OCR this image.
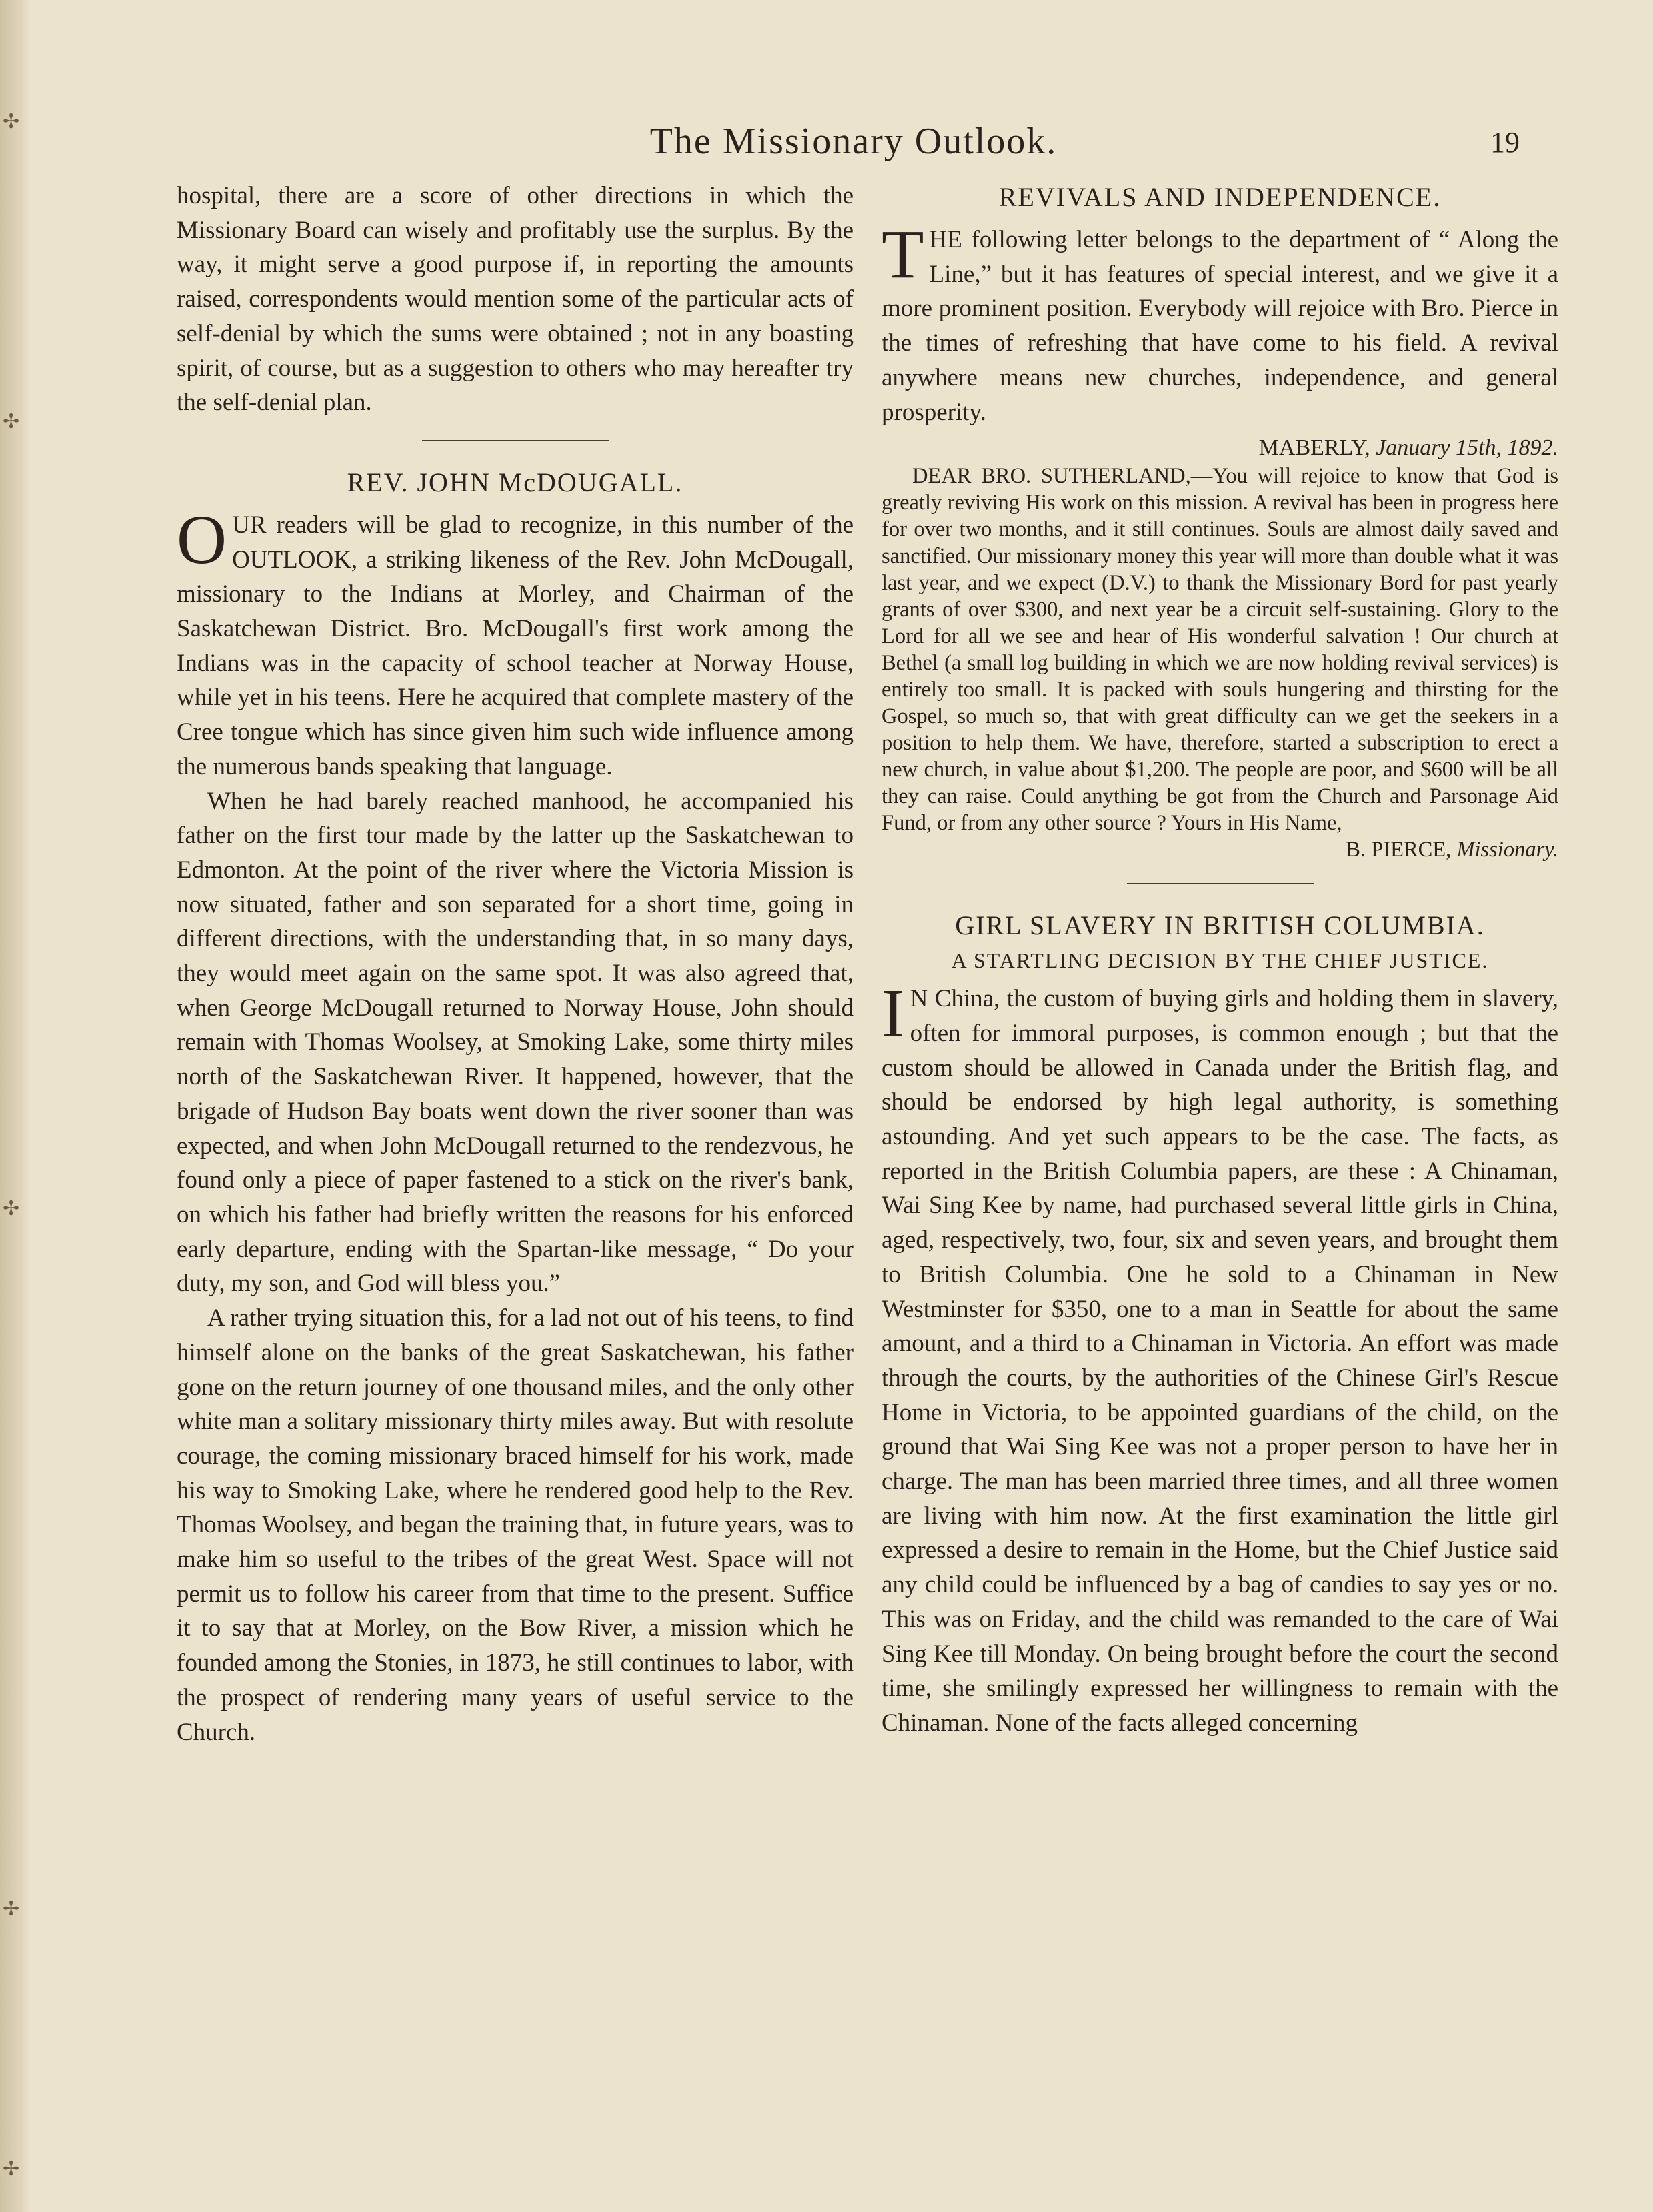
✢
✢
✢
✢
✢
The Missionary Outlook.	19

hospital, there are a score of other directions in which the Missionary Board can wisely and profitably use the surplus. By the way, it might serve a good purpose if, in reporting the amounts raised, correspondents would mention some of the particular acts of self-denial by which the sums were obtained ; not in any boasting spirit, of course, but as a suggestion to others who may hereafter try the self-denial plan.

REV. JOHN McDOUGALL.

OUR readers will be glad to recognize, in this number of the OUTLOOK, a striking likeness of the Rev. John McDougall, missionary to the Indians at Morley, and Chairman of the Saskatchewan District. Bro. McDougall's first work among the Indians was in the capacity of school teacher at Norway House, while yet in his teens. Here he acquired that complete mastery of the Cree tongue which has since given him such wide influence among the numerous bands speaking that language.

When he had barely reached manhood, he accompanied his father on the first tour made by the latter up the Saskatchewan to Edmonton. At the point of the river where the Victoria Mission is now situated, father and son separated for a short time, going in different directions, with the understanding that, in so many days, they would meet again on the same spot. It was also agreed that, when George McDougall returned to Norway House, John should remain with Thomas Woolsey, at Smoking Lake, some thirty miles north of the Saskatchewan River. It happened, however, that the brigade of Hudson Bay boats went down the river sooner than was expected, and when John McDougall returned to the rendezvous, he found only a piece of paper fastened to a stick on the river's bank, on which his father had briefly written the reasons for his enforced early departure, ending with the Spartan-like message, “ Do your duty, my son, and God will bless you.”

A rather trying situation this, for a lad not out of his teens, to find himself alone on the banks of the great Saskatchewan, his father gone on the return journey of one thousand miles, and the only other white man a solitary missionary thirty miles away. But with resolute courage, the coming missionary braced himself for his work, made his way to Smoking Lake, where he rendered good help to the Rev. Thomas Woolsey, and began the training that, in future years, was to make him so useful to the tribes of the great West. Space will not permit us to follow his career from that time to the present. Suffice it to say that at Morley, on the Bow River, a mission which he founded among the Stonies, in 1873, he still continues to labor, with the prospect of rendering many years of useful service to the Church.

REVIVALS AND INDEPENDENCE.

THE following letter belongs to the department of “ Along the Line,” but it has features of special interest, and we give it a more prominent position. Everybody will rejoice with Bro. Pierce in the times of refreshing that have come to his field. A revival anywhere means new churches, independence, and general prosperity.

MABERLY, January 15th, 1892.

DEAR BRO. SUTHERLAND,—You will rejoice to know that God is greatly reviving His work on this mission. A revival has been in progress here for over two months, and it still continues. Souls are almost daily saved and sanctified. Our missionary money this year will more than double what it was last year, and we expect (D.V.) to thank the Missionary Bord for past yearly grants of over $300, and next year be a circuit self-sustaining. Glory to the Lord for all we see and hear of His wonderful salvation ! Our church at Bethel (a small log building in which we are now holding revival services) is entirely too small. It is packed with souls hungering and thirsting for the Gospel, so much so, that with great difficulty can we get the seekers in a position to help them. We have, therefore, started a subscription to erect a new church, in value about $1,200. The people are poor, and $600 will be all they can raise. Could anything be got from the Church and Parsonage Aid Fund, or from any other source ? Yours in His Name,

B. PIERCE, Missionary.
GIRL SLAVERY IN BRITISH COLUMBIA.
A STARTLING DECISION BY THE CHIEF JUSTICE.

I N China, the custom of buying girls and holding them in slavery, often for immoral purposes, is common enough ; but that the custom should be allowed in Canada under the British flag, and should be endorsed by high legal authority, is something astounding. And yet such appears to be the case. The facts, as reported in the British Columbia papers, are these : A Chinaman, Wai Sing Kee by name, had purchased several little girls in China, aged, respectively, two, four, six and seven years, and brought them to British Columbia. One he sold to a Chinaman in New Westminster for $350, one to a man in Seattle for about the same amount, and a third to a Chinaman in Victoria. An effort was made through the courts, by the authorities of the Chinese Girl's Rescue Home in Victoria, to be appointed guardians of the child, on the ground that Wai Sing Kee was not a proper person to have her in charge. The man has been married three times, and all three women are living with him now. At the first examination the little girl expressed a desire to remain in the Home, but the Chief Justice said any child could be influenced by a bag of candies to say yes or no. This was on Friday, and the child was remanded to the care of Wai Sing Kee till Monday. On being brought before the court the second time, she smilingly expressed her willingness to remain with the Chinaman. None of the facts alleged concerning
